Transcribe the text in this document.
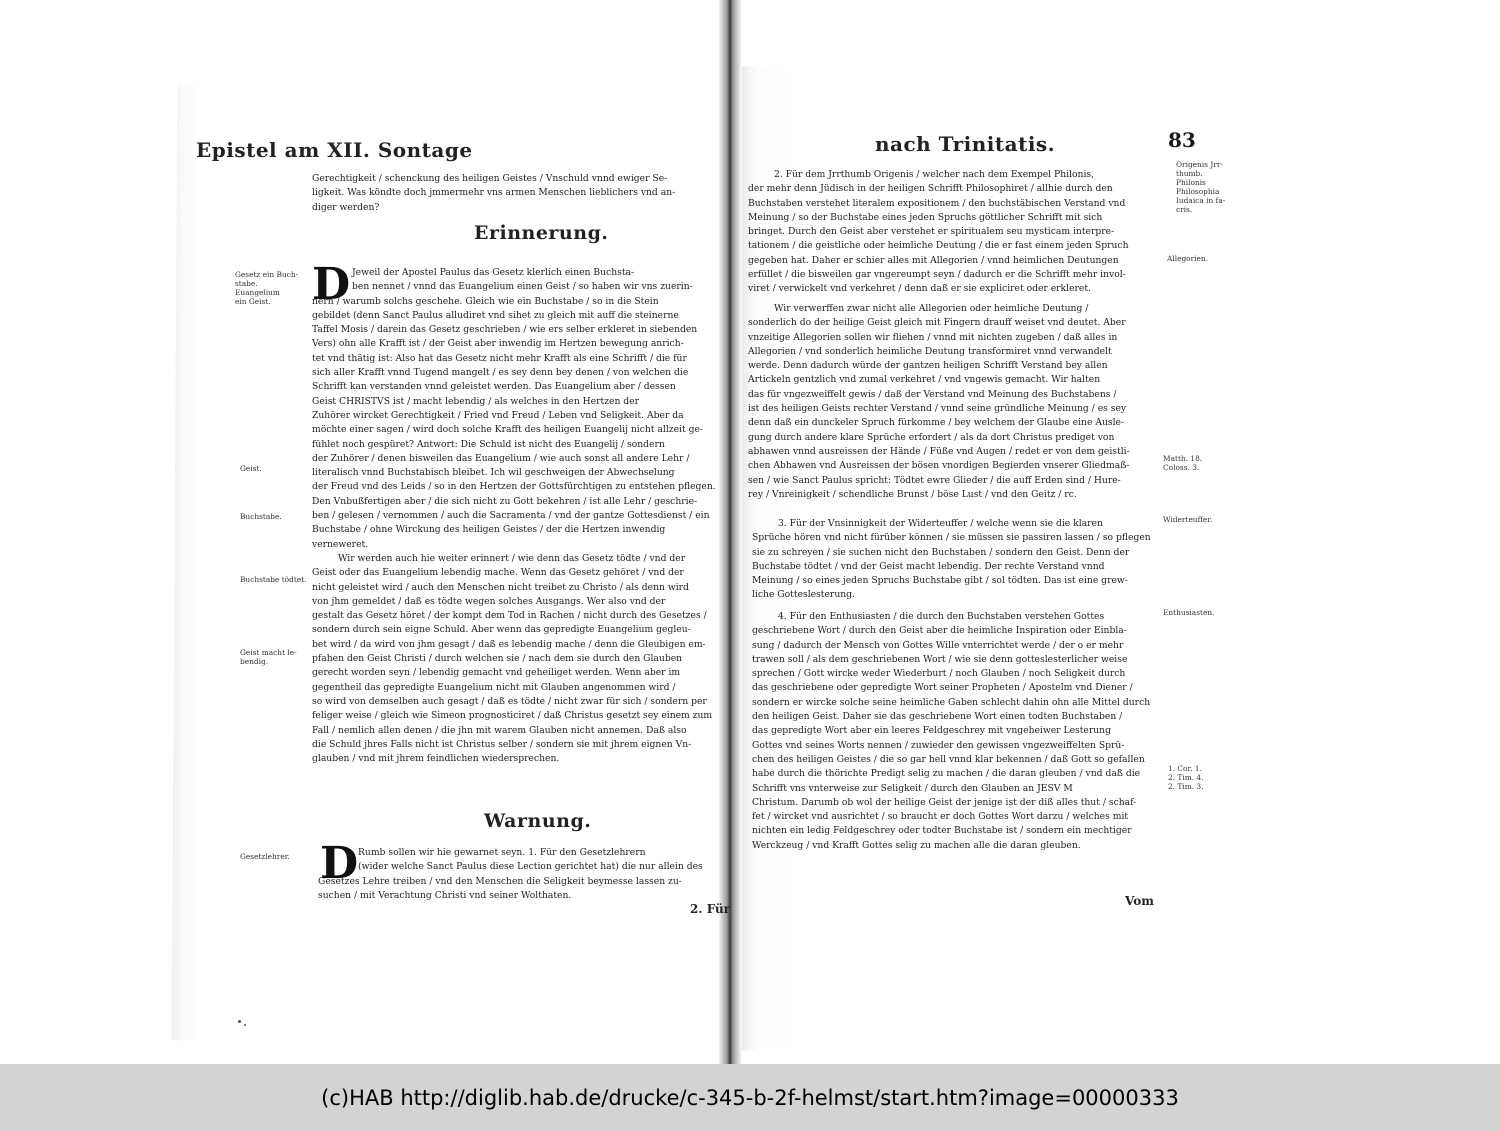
Epistel am XII. Sontage
Gerechtigkeit / schenckung des heiligen Geistes / Vnschuld vnnd ewiger Se-
ligkeit. Was köndte doch jmmermehr vns armen Menschen lieblichers vnd an-
diger werden?
Erinnerung.
D Jeweil der Apostel Paulus das Gesetz klerlich einen Buchsta-
ben nennet / vnnd das Euangelium einen Geist / so haben wir vns zuerin-
nern / warumb solchs geschehe. Gleich wie ein Buchstabe / so in die Stein
gebildet (denn Sanct Paulus alludiret vnd sihet zu gleich mit auff die steinerne
Taffel Mosis / darein das Gesetz geschrieben / wie ers selber erkleret in siebenden
Vers) ohn alle Krafft ist / der Geist aber inwendig im Hertzen bewegung anrich-
tet vnd thätig ist: Also hat das Gesetz nicht mehr Krafft als eine Schrifft / die für
sich aller Krafft vnnd Tugend mangelt / es sey denn bey denen / von welchen die
Schrifft kan verstanden vnnd geleistet werden. Das Euangelium aber / dessen
Geist CHRISTVS ist / macht lebendig / als welches in den Hertzen der
Zuhörer wircket Gerechtigkeit / Fried vnd Freud / Leben vnd Seligkeit. Aber da
möchte einer sagen / wird doch solche Krafft des heiligen Euangelij nicht allzeit ge-
fühlet noch gespüret? Antwort: Die Schuld ist nicht des Euangelij / sondern
der Zuhörer / denen bisweilen das Euangelium / wie auch sonst all andere Lehr /
literalisch vnnd Buchstabisch bleibet. Ich wil geschweigen der Abwechselung
der Freud vnd des Leids / so in den Hertzen der Gottsfürchtigen zu entstehen pflegen.
Den Vnbußfertigen aber / die sich nicht zu Gott bekehren / ist alle Lehr / geschrie-
ben / gelesen / vernommen / auch die Sacramenta / vnd der gantze Gottesdienst / ein
Buchstabe / ohne Wirckung des heiligen Geistes / der die Hertzen inwendig
verneweret.
Wir werden auch hie weiter erinnert / wie denn das Gesetz tödte / vnd der
Geist oder das Euangelium lebendig mache. Wenn das Gesetz gehöret / vnd der
nicht geleistet wird / auch den Menschen nicht treibet zu Christo / als denn wird
von jhm gemeldet / daß es tödte wegen solches Ausgangs. Wer also vnd der
gestalt das Gesetz höret / der kompt dem Tod in Rachen / nicht durch des Gesetzes /
sondern durch sein eigne Schuld. Aber wenn das gepredigte Euangelium gegleu-
bet wird / da wird von jhm gesagt / daß es lebendig mache / denn die Gleubigen em-
pfahen den Geist Christi / durch welchen sie / nach dem sie durch den Glauben
gerecht worden seyn / lebendig gemacht vnd geheiliget werden. Wenn aber im
gegentheil das gepredigte Euangelium nicht mit Glauben angenommen wird /
so wird von demselben auch gesagt / daß es tödte / nicht zwar für sich / sondern per
feliger weise / gleich wie Simeon prognosticiret / daß Christus gesetzt sey einem zum
Fall / nemlich allen denen / die jhn mit warem Glauben nicht annemen. Daß also
die Schuld jhres Falls nicht ist Christus selber / sondern sie mit jhrem eignen Vn-
glauben / vnd mit jhrem feindlichen wiedersprechen.
Warnung.
D Rumb sollen wir hie gewarnet seyn. 1. Für den Gesetzlehrern
(wider welche Sanct Paulus diese Lection gerichtet hat) die nur allein des
Gesetzes Lehre treiben / vnd den Menschen die Seligkeit beymesse lassen zu-
suchen / mit Verachtung Christi vnd seiner Wolthaten.
2. Für
Gesetz ein Buch-
stabe.
Euangelium
ein Geist.
Geist.
Buchstabe.
Buchstabe tödtet.
Geist macht le-
bendig.
Gesetzlehrer.
nach Trinitatis.	83
2. Für dem Jrrthumb Origenis / welcher nach dem Exempel Philonis,
der mehr denn Jüdisch in der heiligen Schrifft Philosophiret / allhie durch den
Buchstaben verstehet literalem expositionem / den buchstäbischen Verstand vnd
Meinung / so der Buchstabe eines jeden Spruchs göttlicher Schrifft mit sich
bringet. Durch den Geist aber verstehet er spiritualem seu mysticam interpre-
tationem / die geistliche oder heimliche Deutung / die er fast einem jeden Spruch
gegeben hat. Daher er schier alles mit Allegorien / vnnd heimlichen Deutungen
erfüllet / die bisweilen gar vngereumpt seyn / dadurch er die Schrifft mehr invol-
viret / verwickelt vnd verkehret / denn daß er sie expliciret oder erkleret.
Wir verwerffen zwar nicht alle Allegorien oder heimliche Deutung /
sonderlich do der heilige Geist gleich mit Fingern drauff weiset vnd deutet. Aber
vnzeitige Allegorien sollen wir fliehen / vnnd mit nichten zugeben / daß alles in
Allegorien / vnd sonderlich heimliche Deutung transformiret vnnd verwandelt
werde. Denn dadurch würde der gantzen heiligen Schrifft Verstand bey allen
Artickeln gentzlich vnd zumal verkehret / vnd vngewis gemacht. Wir halten
das für vngezweiffelt gewis / daß der Verstand vnd Meinung des Buchstabens /
ist des heiligen Geists rechter Verstand / vnnd seine gründliche Meinung / es sey
denn daß ein dunckeler Spruch fürkomme / bey welchem der Glaube eine Ausle-
gung durch andere klare Sprüche erfordert / als da dort Christus prediget von
abhawen vnnd ausreissen der Hände / Füße vnd Augen / redet er von dem geistli-
chen Abhawen vnd Ausreissen der bösen vnordigen Begierden vnserer Gliedmaß-
sen / wie Sanct Paulus spricht: Tödtet ewre Glieder / die auff Erden sind / Hure-
rey / Vnreinigkeit / schendliche Brunst / böse Lust / vnd den Geitz / rc.
3. Für der Vnsinnigkeit der Widerteuffer / welche wenn sie die klaren
Sprüche hören vnd nicht fürüber können / sie müssen sie passiren lassen / so pflegen
sie zu schreyen / sie suchen nicht den Buchstaben / sondern den Geist. Denn der
Buchstabe tödtet / vnd der Geist macht lebendig. Der rechte Verstand vnnd
Meinung / so eines jeden Spruchs Buchstabe gibt / sol tödten. Das ist eine grew-
liche Gotteslesterung.
4. Für den Enthusiasten / die durch den Buchstaben verstehen Gottes
geschriebene Wort / durch den Geist aber die heimliche Inspiration oder Einbla-
sung / dadurch der Mensch von Gottes Wille vnterrichtet werde / der o er mehr
trawen soll / als dem geschriebenen Wort / wie sie denn gotteslesterlicher weise
sprechen / Gott wircke weder Wiederburt / noch Glauben / noch Seligkeit durch
das geschriebene oder gepredigte Wort seiner Propheten / Apostelm vnd Diener /
sondern er wircke solche seine heimliche Gaben schlecht dahin ohn alle Mittel durch
den heiligen Geist. Daher sie das geschriebene Wort einen todten Buchstaben /
das gepredigte Wort aber ein leeres Feldgeschrey mit vngeheiwer Lesterung
Gottes vnd seines Worts nennen / zuwieder den gewissen vngezweiffelten Sprü-
chen des heiligen Geistes / die so gar hell vnnd klar bekennen / daß Gott so gefallen
habe durch die thörichte Predigt selig zu machen / die daran gleuben / vnd daß die
Schrifft vns vnterweise zur Seligkeit / durch den Glauben an JESV M
Christum. Darumb ob wol der heilige Geist der jenige ist der diß alles thut / schaf-
fet / wircket vnd ausrichtet / so braucht er doch Gottes Wort darzu / welches mit
nichten ein ledig Feldgeschrey oder todter Buchstabe ist / sondern ein mechtiger
Werckzeug / vnd Krafft Gottes selig zu machen alle die daran gleuben.
Vom
Origenis Jrr-
thumb.
Philonis
Philosophia
Iudaica in fa-
cris.
Allegorien.
Matth. 18.
Coloss. 3.
Widerteuffer.
Enthusiasten.
1. Cor. 1.
2. Tim. 4.
2. Tim. 3.
(c)HAB http://diglib.hab.de/drucke/c-345-b-2f-helmst/start.htm?image=00000333
